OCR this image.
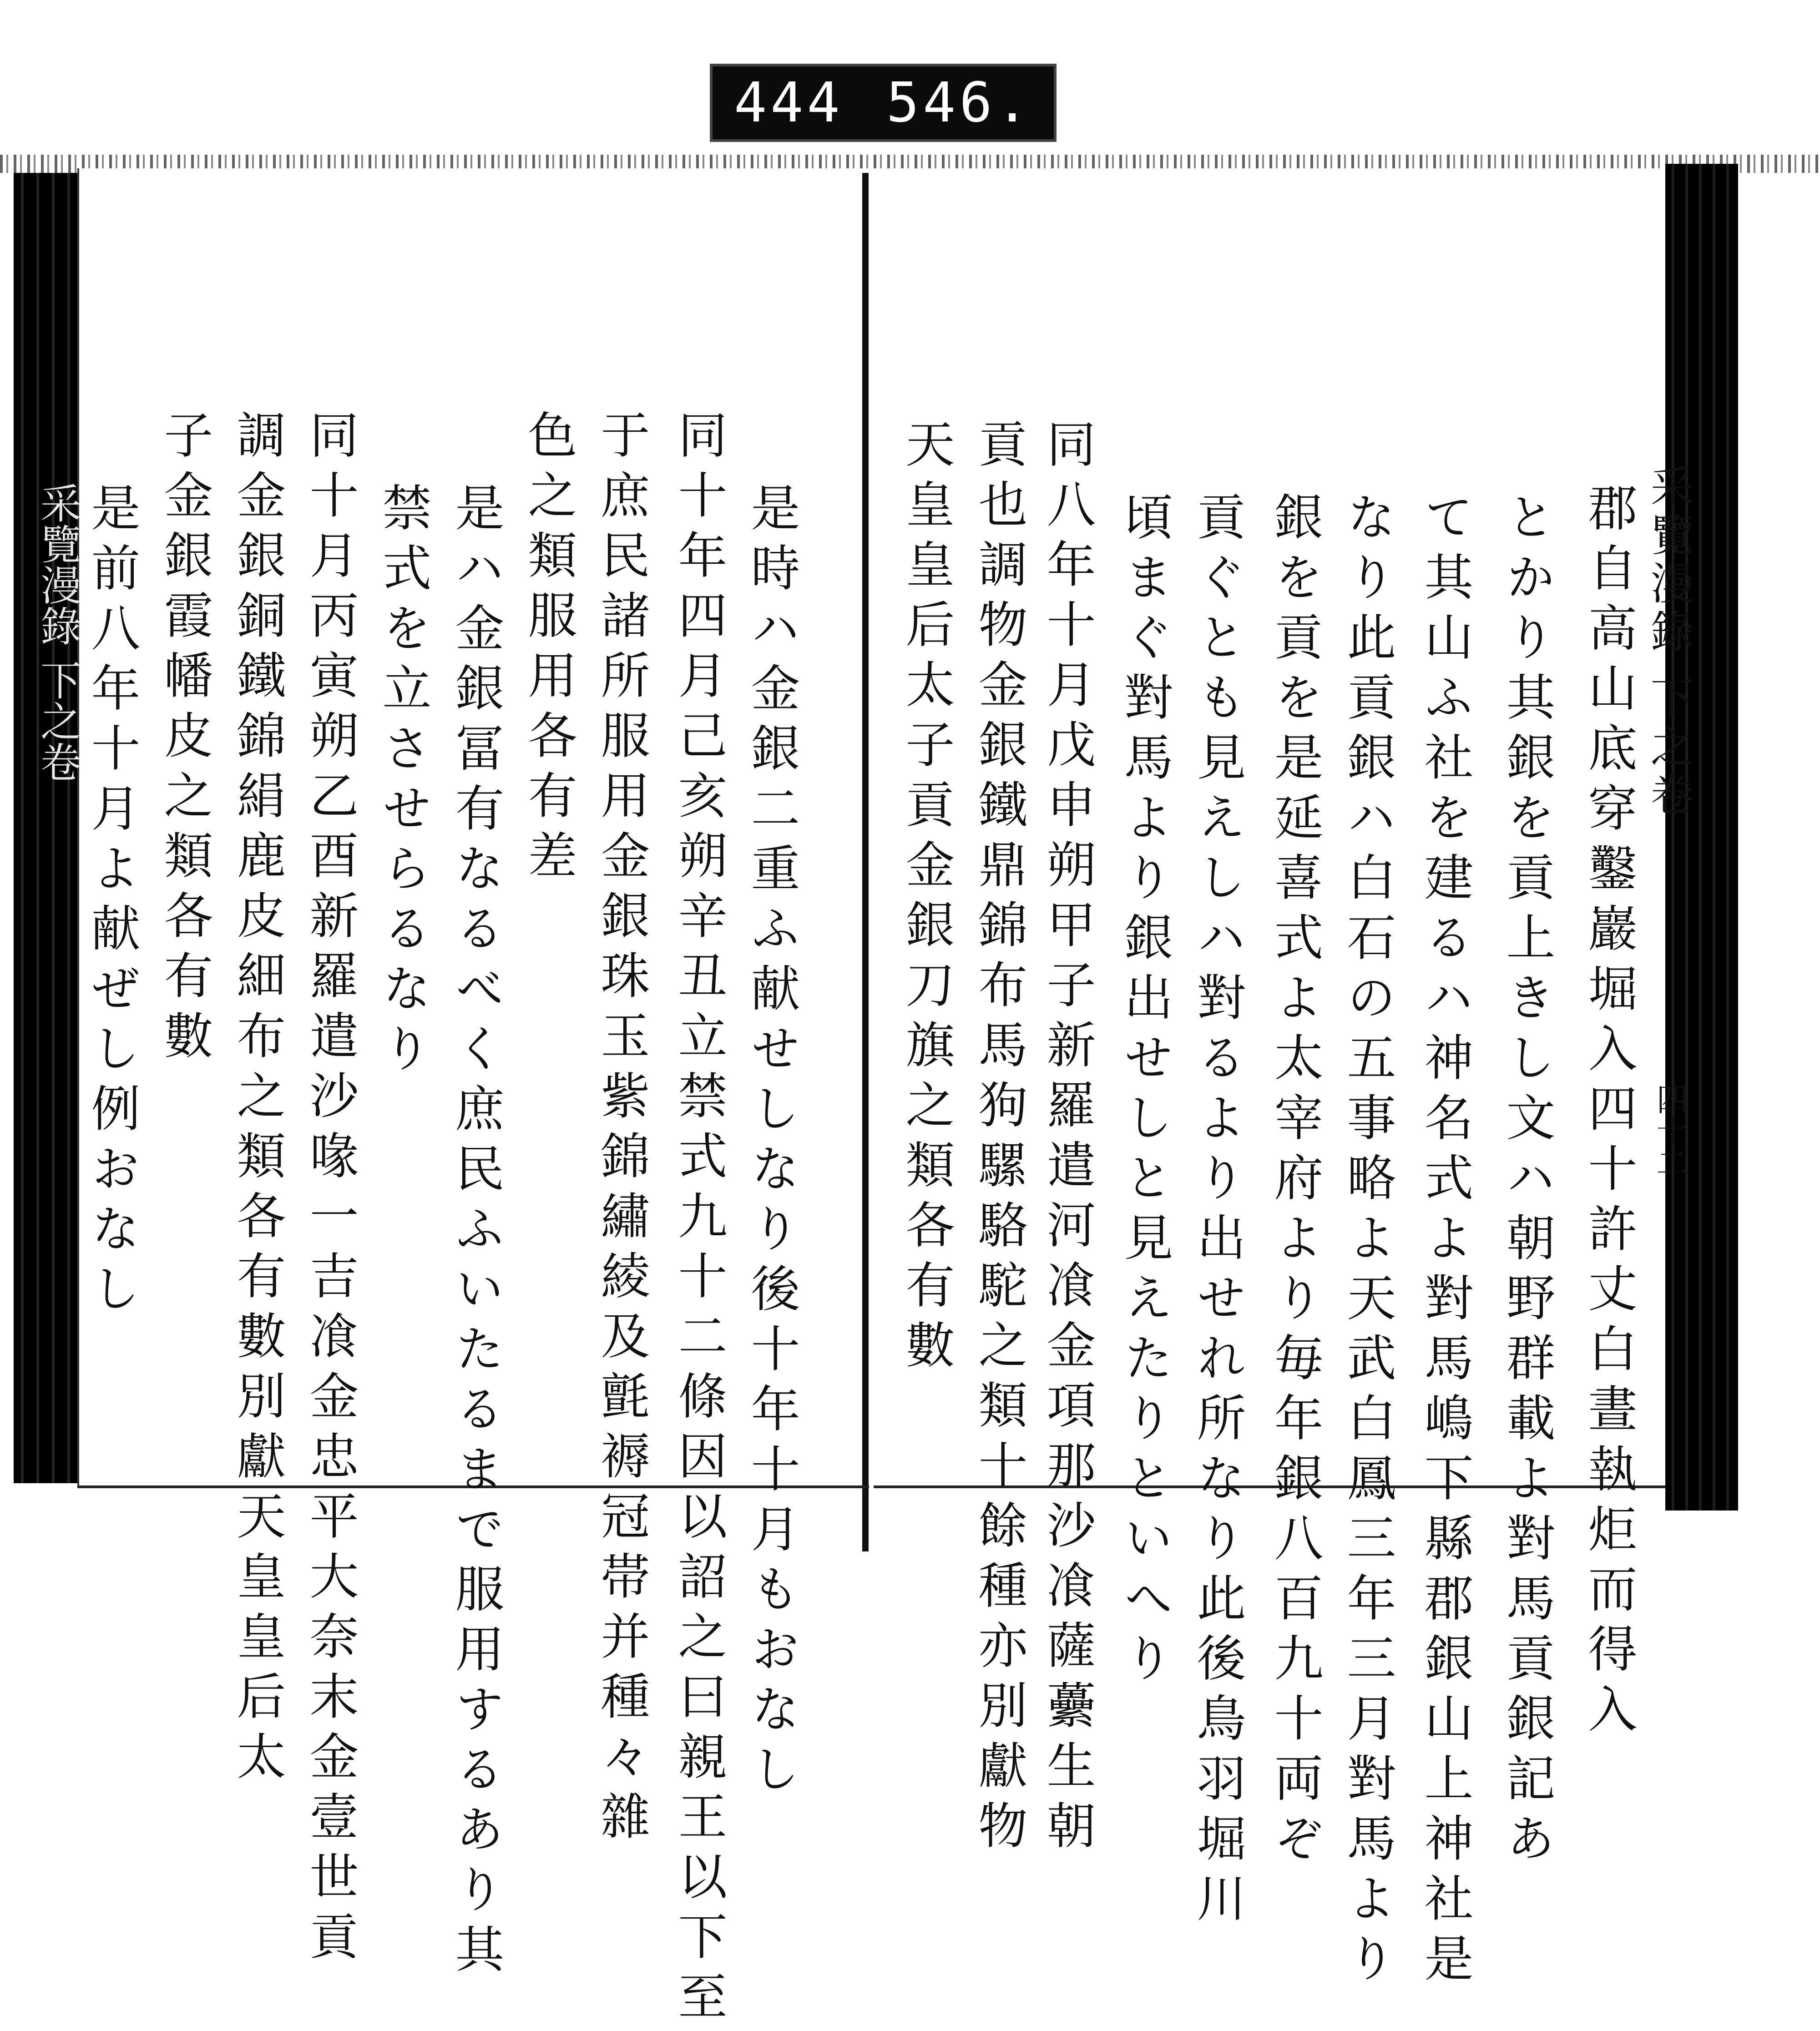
444 546.
采覽漫錄 下之卷
四十二
郡自高山底穿鑿巖堀入四十許丈白晝執炬而得入
とかり其銀を貢上きし文ハ朝野群載よ對馬貢銀記あ
て其山ふ社を建るハ神名式よ對馬嶋下縣郡銀山上神社是
なり此貢銀ハ白石の五事略よ天武白鳳三年三月對馬より
銀を貢を是延喜式よ太宰府より毎年銀八百九十両ぞ
貢ぐとも見えしハ對るより出せれ所なり此後鳥羽堀川
頃まぐ對馬より銀出せしと見えたりといへり
同八年十月戊申朔甲子新羅遣河飡金項那沙飡薩虆生朝
貢也調物金銀鐵鼎錦布馬狗騾駱駝之類十餘種亦別獻物
天皇皇后太子貢金銀刀旗之類各有數
是時ハ金銀二重ふ献せしなり後十年十月もおなし
同十年四月己亥朔辛丑立禁式九十二條因以詔之曰親王以下至
于庶民諸所服用金銀珠玉紫錦繡綾及氈褥冠帯并種々雜
色之類服用各有差
是ハ金銀冨有なるべく庶民ふいたるまで服用するあり其
禁式を立させらるなり
同十月丙寅朔乙酉新羅遣沙喙一吉飡金忠平大奈末金壹世貢
調金銀銅鐵錦絹鹿皮細布之類各有數別獻天皇皇后太
子金銀霞幡皮之類各有數
是前八年十月よ献ぜし例おなし
采覽漫錄 下之卷
